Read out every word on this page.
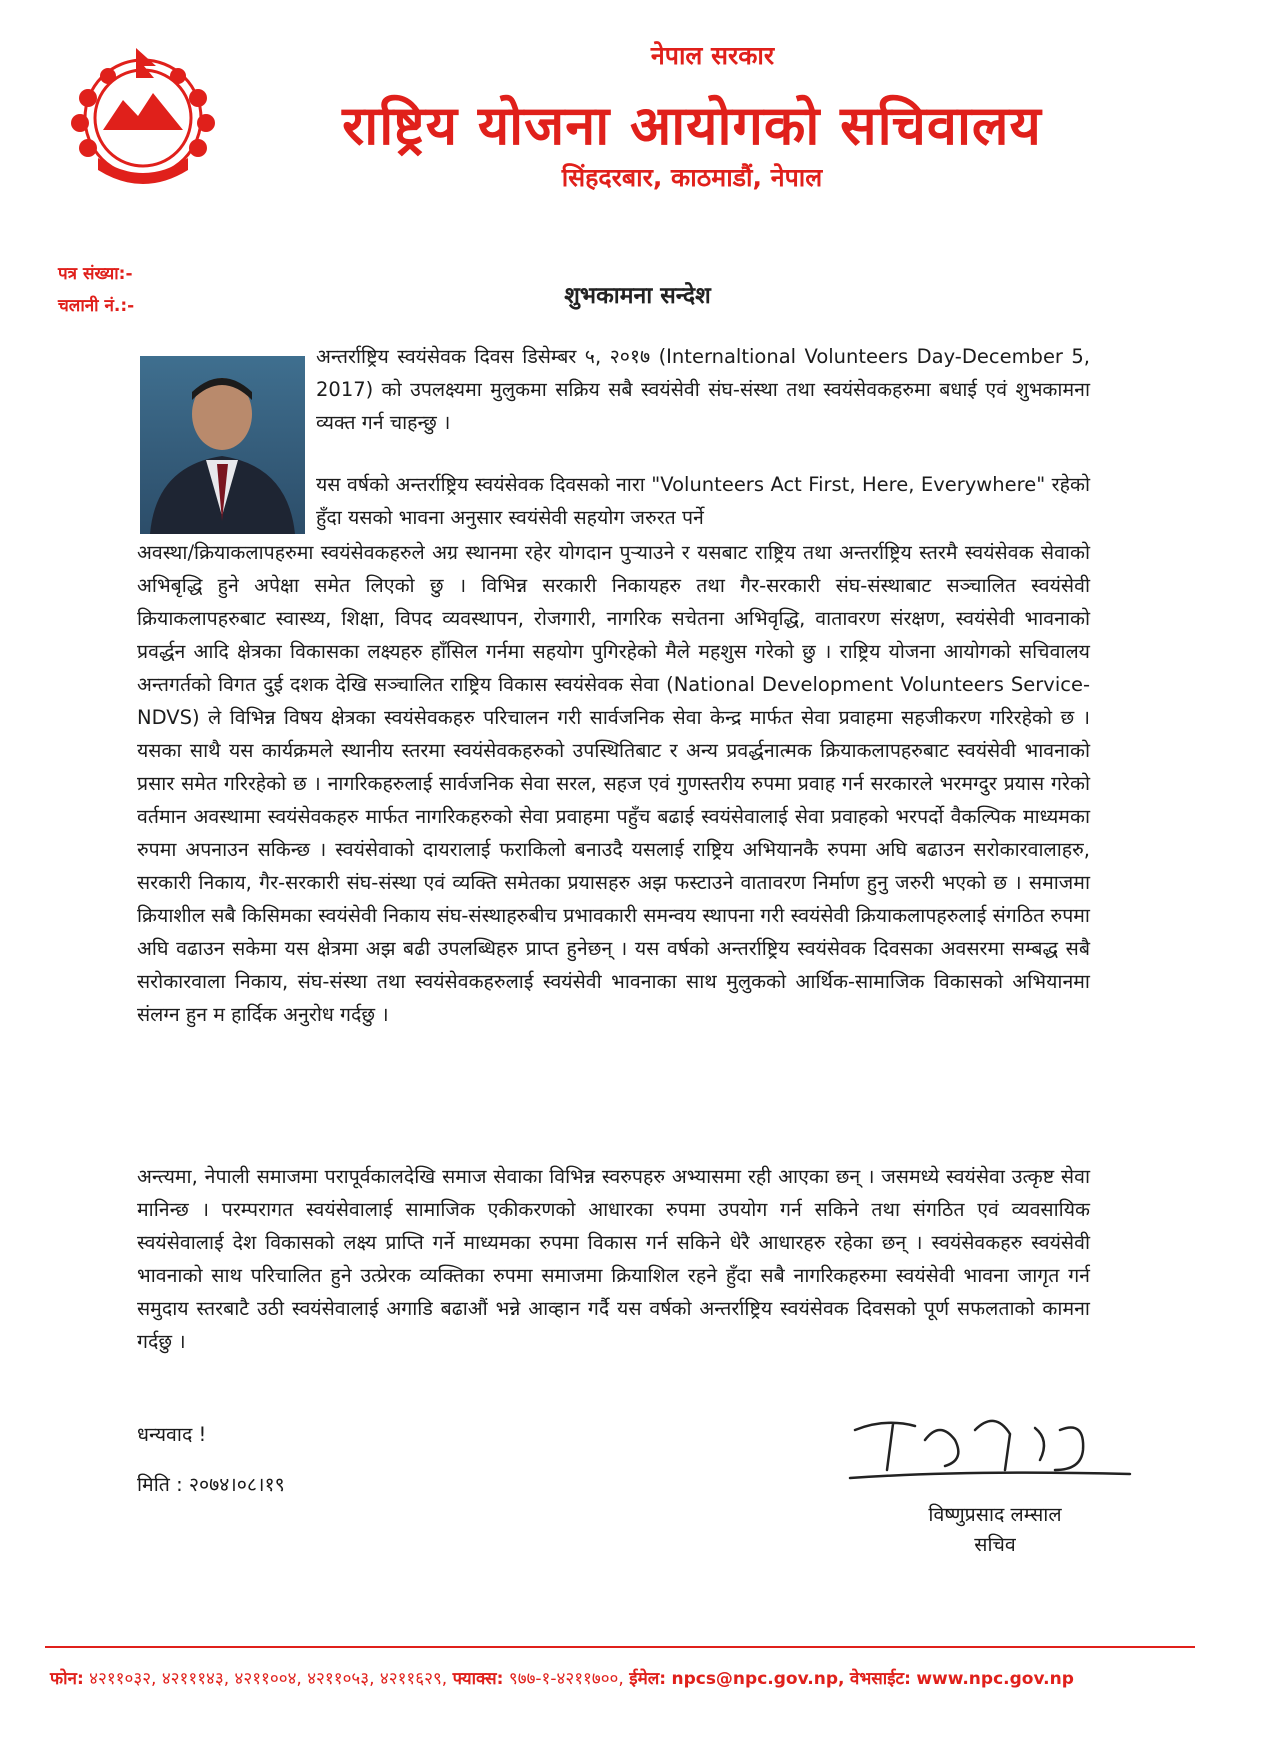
नेपाल सरकार
राष्ट्रिय योजना आयोगको सचिवालय
सिंहदरबार, काठमाडौं, नेपाल
पत्र संख्या:-
चलानी नं.:-	शुभकामना सन्देश
अन्तर्राष्ट्रिय स्वयंसेवक दिवस डिसेम्बर ५, २०१७ (Internaltional Volunteers Day-December 5, 2017) को उपलक्ष्यमा मुलुकमा सक्रिय सबै स्वयंसेवी संघ-संस्था तथा स्वयंसेवकहरुमा बधाई एवं शुभकामना व्यक्त गर्न चाहन्छु ।
यस वर्षको अन्तर्राष्ट्रिय स्वयंसेवक दिवसको नारा "Volunteers Act First, Here, Everywhere" रहेको हुँदा यसको भावना अनुसार स्वयंसेवी सहयोग जरुरत पर्ने
अवस्था/क्रियाकलापहरुमा स्वयंसेवकहरुले अग्र स्थानमा रहेर योगदान पुऱ्याउने र यसबाट राष्ट्रिय तथा अन्तर्राष्ट्रिय स्तरमै स्वयंसेवक सेवाको अभिबृद्धि हुने अपेक्षा समेत लिएको छु । विभिन्न सरकारी निकायहरु तथा गैर-सरकारी संघ-संस्थाबाट सञ्चालित स्वयंसेवी क्रियाकलापहरुबाट स्वास्थ्य, शिक्षा, विपद व्यवस्थापन, रोजगारी, नागरिक सचेतना अभिवृद्धि, वातावरण संरक्षण, स्वयंसेवी भावनाको प्रवर्द्धन आदि क्षेत्रका विकासका लक्ष्यहरु हाँसिल गर्नमा सहयोग पुगिरहेको मैले महशुस गरेको छु । राष्ट्रिय योजना आयोगको सचिवालय अन्तगर्तको विगत दुई दशक देखि सञ्चालित राष्ट्रिय विकास स्वयंसेवक सेवा (National Development Volunteers Service-NDVS) ले विभिन्न विषय क्षेत्रका स्वयंसेवकहरु परिचालन गरी सार्वजनिक सेवा केन्द्र मार्फत सेवा प्रवाहमा सहजीकरण गरिरहेको छ । यसका साथै यस कार्यक्रमले स्थानीय स्तरमा स्वयंसेवकहरुको उपस्थितिबाट र अन्य प्रवर्द्धनात्मक क्रियाकलापहरुबाट स्वयंसेवी भावनाको प्रसार समेत गरिरहेको छ । नागरिकहरुलाई सार्वजनिक सेवा सरल, सहज एवं गुणस्तरीय रुपमा प्रवाह गर्न सरकारले भरमग्दुर प्रयास गरेको वर्तमान अवस्थामा स्वयंसेवकहरु मार्फत नागरिकहरुको सेवा प्रवाहमा पहुँच बढाई स्वयंसेवालाई सेवा प्रवाहको भरपर्दो वैकल्पिक माध्यमका रुपमा अपनाउन सकिन्छ । स्वयंसेवाको दायरालाई फराकिलो बनाउदै यसलाई राष्ट्रिय अभियानकै रुपमा अघि बढाउन सरोकारवालाहरु, सरकारी निकाय, गैर-सरकारी संघ-संस्था एवं व्यक्ति समेतका प्रयासहरु अझ फस्टाउने वातावरण निर्माण हुनु जरुरी भएको छ । समाजमा क्रियाशील सबै किसिमका स्वयंसेवी निकाय संघ-संस्थाहरुबीच प्रभावकारी समन्वय स्थापना गरी स्वयंसेवी क्रियाकलापहरुलाई संगठित रुपमा अघि वढाउन सकेमा यस क्षेत्रमा अझ बढी उपलब्धिहरु प्राप्त हुनेछन् । यस वर्षको अन्तर्राष्ट्रिय स्वयंसेवक दिवसका अवसरमा सम्बद्ध सबै सरोकारवाला निकाय, संघ-संस्था तथा स्वयंसेवकहरुलाई स्वयंसेवी भावनाका साथ मुलुकको आर्थिक-सामाजिक विकासको अभियानमा संलग्न हुन म हार्दिक अनुरोध गर्दछु ।
अन्त्यमा, नेपाली समाजमा परापूर्वकालदेखि समाज सेवाका विभिन्न स्वरुपहरु अभ्यासमा रही आएका छन् । जसमध्ये स्वयंसेवा उत्कृष्ट सेवा मानिन्छ । परम्परागत स्वयंसेवालाई सामाजिक एकीकरणको आधारका रुपमा उपयोग गर्न सकिने तथा संगठित एवं व्यवसायिक स्वयंसेवालाई देश विकासको लक्ष्य प्राप्ति गर्ने माध्यमका रुपमा विकास गर्न सकिने धेरै आधारहरु रहेका छन् । स्वयंसेवकहरु स्वयंसेवी भावनाको साथ परिचालित हुने उत्प्रेरक व्यक्तिका रुपमा समाजमा क्रियाशिल रहने हुँदा सबै नागरिकहरुमा स्वयंसेवी भावना जागृत गर्न समुदाय स्तरबाटै उठी स्वयंसेवालाई अगाडि बढाऔं भन्ने आव्हान गर्दै यस वर्षको अन्तर्राष्ट्रिय स्वयंसेवक दिवसको पूर्ण सफलताको कामना गर्दछु ।
धन्यवाद !
मिति : २०७४।०८।१९
विष्णुप्रसाद लम्साल
सचिव
फोन: ४२११०३२, ४२१११४३, ४२११००४, ४२११०५३, ४२११६२९, फ्याक्स: ९७७-१-४२११७००, ईमेल: npcs@npc.gov.np, वेभसाईट: www.npc.gov.np
